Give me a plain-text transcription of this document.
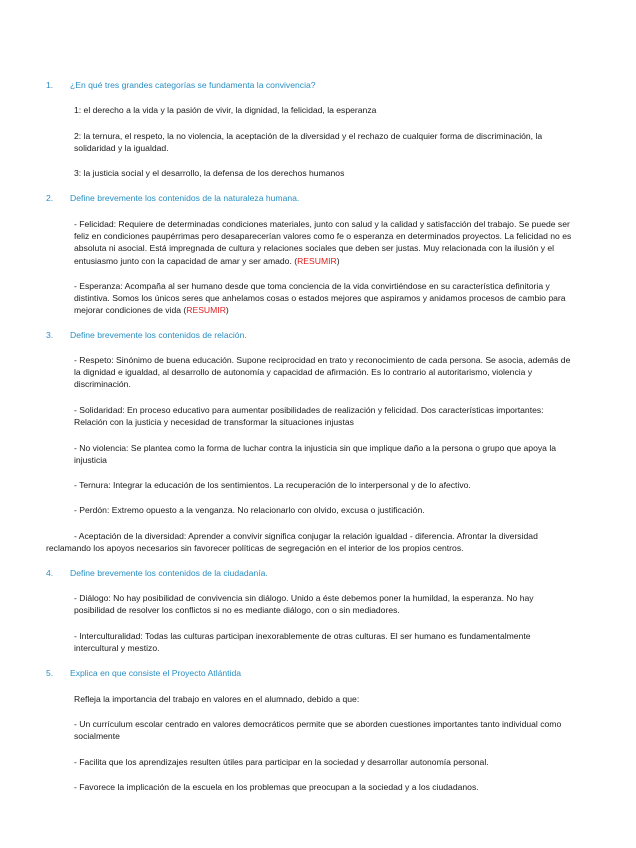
1. ¿En qué tres grandes categorías se fundamenta la convivencia?
1: el derecho a la vida y la pasión de vivir, la dignidad, la felicidad, la esperanza
2: la ternura, el respeto, la no violencia, la aceptación de la diversidad y el rechazo de cualquier forma de discriminación, la solidaridad y la igualdad.
3: la justicia social y el desarrollo, la defensa de los derechos humanos
2. Define brevemente los contenidos de la naturaleza humana.
- Felicidad: Requiere de determinadas condiciones materiales, junto con salud y la calidad y satisfacción del trabajo. Se puede ser feliz en condiciones paupérrimas pero desaparecerían valores como fe o esperanza en determinados proyectos. La felicidad no es absoluta ni asocial. Está impregnada de cultura y relaciones sociales que deben ser justas. Muy relacionada con la ilusión y el entusiasmo junto con la capacidad de amar y ser amado. (RESUMIR)
- Esperanza: Acompaña al ser humano desde que toma conciencia de la vida convirtiéndose en su característica definitoria y distintiva. Somos los únicos seres que anhelamos cosas o estados mejores que aspiramos y anidamos procesos de cambio para mejorar condiciones de vida (RESUMIR)
3. Define brevemente los contenidos de relación.
- Respeto: Sinónimo de buena educación. Supone reciprocidad en trato y reconocimiento de cada persona. Se asocia, además de la dignidad e igualdad, al desarrollo de autonomía y capacidad de afirmación. Es lo contrario al autoritarismo, violencia y discriminación.
- Solidaridad: En proceso educativo para aumentar posibilidades de realización y felicidad. Dos características importantes: Relación con la justicia y necesidad de transformar la situaciones injustas
- No violencia: Se plantea como la forma de luchar contra la injusticia sin que implique daño a la persona o grupo que apoya la injusticia
- Ternura: Integrar la educación de los sentimientos. La recuperación de lo interpersonal y de lo afectivo.
- Perdón: Extremo opuesto a la venganza. No relacionarlo con olvido, excusa o justificación.
- Aceptación de la diversidad: Aprender a convivir significa conjugar la relación igualdad - diferencia. Afrontar la diversidad reclamando los apoyos necesarios sin favorecer políticas de segregación en el interior de los propios centros.
4. Define brevemente los contenidos de la ciudadanía.
- Diálogo: No hay posibilidad de convivencia sin diálogo. Unido a éste debemos poner la humildad, la esperanza. No hay posibilidad de resolver los conflictos si no es mediante diálogo, con o sin mediadores.
- Interculturalidad: Todas las culturas participan inexorablemente de otras culturas. El ser humano es fundamentalmente intercultural y mestizo.
5. Explica en que consiste el Proyecto Atlántida
Refleja la importancia del trabajo en valores en el alumnado, debido a que:
- Un currículum escolar centrado en valores democráticos permite que se aborden cuestiones importantes tanto individual como socialmente
- Facilita que los aprendizajes resulten útiles para participar en la sociedad y desarrollar autonomía personal.
- Favorece la implicación de la escuela en los problemas que preocupan a la sociedad y a los ciudadanos.
